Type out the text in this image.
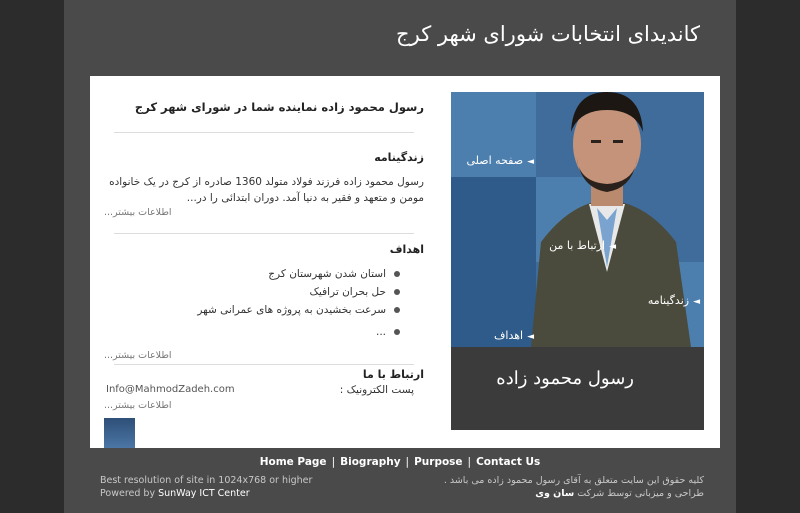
کاندیدای انتخابات شورای شهر کرج
◄صفحه اصلی
◄ارتباط با من
◄زندگینامه
◄اهداف
رسول محمود زاده
رسول محمود زاده نماینده شما در شورای شهر کرج
زندگینامه
رسول محمود زاده فرزند فولاد متولد 1360 صادره از کرج در یک خانواده مومن و متعهد و فقیر به دنیا آمد. دوران ابتدائی را در...
اطلاعات بیشتر...
اهداف
استان شدن شهرستان کرج
حل بحران ترافیک
سرعت بخشیدن به پروژه های عمرانی شهر
...
اطلاعات بیشتر...
ارتباط با ما
پست الکترونیک :
Info@MahmodZadeh.com
اطلاعات بیشتر...
Home Page | Biography | Purpose | Contact Us
Best resolution of site in 1024x768 or higher
Powered by SunWay ICT Center
کلیه حقوق این سایت متعلق به آقای رسول محمود زاده می باشد .
طراحی و میزبانی توسط شرکت سان وی
